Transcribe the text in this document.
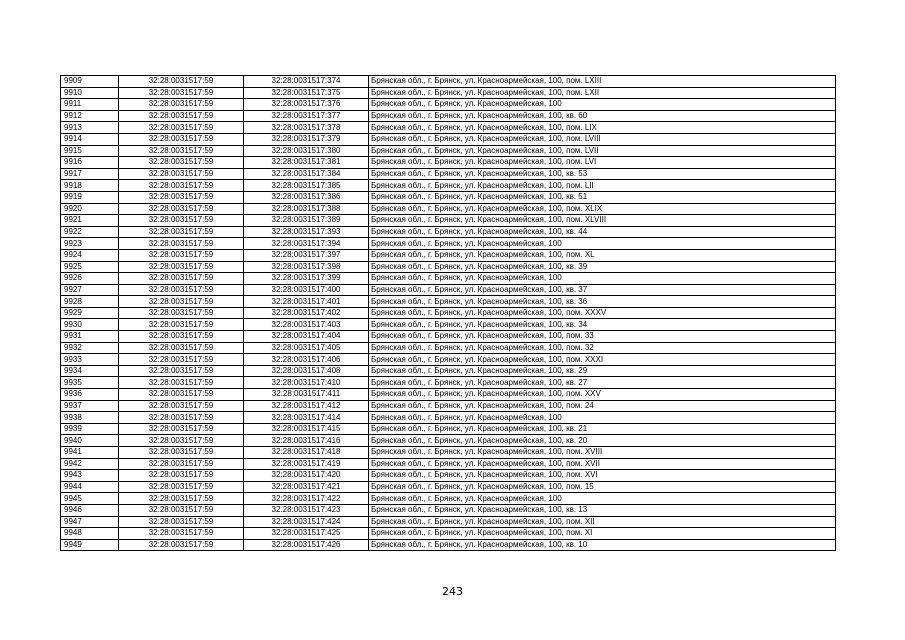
9909	32:28:0031517:59	32:28:0031517:374	Брянская обл., г. Брянск, ул. Красноармейская, 100, пом. LXIII
9910	32:28:0031517:59	32:28:0031517:375	Брянская обл., г. Брянск, ул. Красноармейская, 100, пом. LXII
9911	32:28:0031517:59	32:28:0031517:376	Брянская обл., г. Брянск, ул. Красноармейская, 100
9912	32:28:0031517:59	32:28:0031517:377	Брянская обл., г. Брянск, ул. Красноармейская, 100, кв. 60
9913	32:28:0031517:59	32:28:0031517:378	Брянская обл., г. Брянск, ул. Красноармейская, 100, пом. LIX
9914	32:28:0031517:59	32:28:0031517:379	Брянская обл., г. Брянск, ул. Красноармейская, 100, пом. LVIII
9915	32:28:0031517:59	32:28:0031517:380	Брянская обл., г. Брянск, ул. Красноармейская, 100, пом. LVII
9916	32:28:0031517:59	32:28:0031517:381	Брянская обл., г. Брянск, ул. Красноармейская, 100, пом. LVI
9917	32:28:0031517:59	32:28:0031517:384	Брянская обл., г. Брянск, ул. Красноармейская, 100, кв. 53
9918	32:28:0031517:59	32:28:0031517:385	Брянская обл., г. Брянск, ул. Красноармейская, 100, пом. LII
9919	32:28:0031517:59	32:28:0031517:386	Брянская обл., г. Брянск, ул. Красноармейская, 100, кв. 51
9920	32:28:0031517:59	32:28:0031517:388	Брянская обл., г. Брянск, ул. Красноармейская, 100, пом. XLIX
9921	32:28:0031517:59	32:28:0031517:389	Брянская обл., г. Брянск, ул. Красноармейская, 100, пом. XLVIII
9922	32:28:0031517:59	32:28:0031517:393	Брянская обл., г. Брянск, ул. Красноармейская, 100, кв. 44
9923	32:28:0031517:59	32:28:0031517:394	Брянская обл., г. Брянск, ул. Красноармейская, 100
9924	32:28:0031517:59	32:28:0031517:397	Брянская обл., г. Брянск, ул. Красноармейская, 100, пом. XL
9925	32:28:0031517:59	32:28:0031517:398	Брянская обл., г. Брянск, ул. Красноармейская, 100, кв. 39
9926	32:28:0031517:59	32:28:0031517:399	Брянская обл., г. Брянск, ул. Красноармейская, 100
9927	32:28:0031517:59	32:28:0031517:400	Брянская обл., г. Брянск, ул. Красноармейская, 100, кв. 37
9928	32:28:0031517:59	32:28:0031517:401	Брянская обл., г. Брянск, ул. Красноармейская, 100, кв. 36
9929	32:28:0031517:59	32:28:0031517:402	Брянская обл., г. Брянск, ул. Красноармейская, 100, пом. XXXV
9930	32:28:0031517:59	32:28:0031517:403	Брянская обл., г. Брянск, ул. Красноармейская, 100, кв. 34
9931	32:28:0031517:59	32:28:0031517:404	Брянская обл., г. Брянск, ул. Красноармейская, 100, пом. 33
9932	32:28:0031517:59	32:28:0031517:405	Брянская обл., г. Брянск, ул. Красноармейская, 100, пом. 32
9933	32:28:0031517:59	32:28:0031517:406	Брянская обл., г. Брянск, ул. Красноармейская, 100, пом. XXXI
9934	32:28:0031517:59	32:28:0031517:408	Брянская обл., г. Брянск, ул. Красноармейская, 100, кв. 29
9935	32:28:0031517:59	32:28:0031517:410	Брянская обл., г. Брянск, ул. Красноармейская, 100, кв. 27
9936	32:28:0031517:59	32:28:0031517:411	Брянская обл., г. Брянск, ул. Красноармейская, 100, пом. XXV
9937	32:28:0031517:59	32:28:0031517:412	Брянская обл., г. Брянск, ул. Красноармейская, 100, пом. 24
9938	32:28:0031517:59	32:28:0031517:414	Брянская обл., г. Брянск, ул. Красноармейская, 100
9939	32:28:0031517:59	32:28:0031517:415	Брянская обл., г. Брянск, ул. Красноармейская, 100, кв. 21
9940	32:28:0031517:59	32:28:0031517:416	Брянская обл., г. Брянск, ул. Красноармейская, 100, кв. 20
9941	32:28:0031517:59	32:28:0031517:418	Брянская обл., г. Брянск, ул. Красноармейская, 100, пом. XVIII
9942	32:28:0031517:59	32:28:0031517:419	Брянская обл., г. Брянск, ул. Красноармейская, 100, пом. XVII
9943	32:28:0031517:59	32:28:0031517:420	Брянская обл., г. Брянск, ул. Красноармейская, 100, пом. XVI
9944	32:28:0031517:59	32:28:0031517:421	Брянская обл., г. Брянск, ул. Красноармейская, 100, пом. 15
9945	32:28:0031517:59	32:28:0031517:422	Брянская обл., г. Брянск, ул. Красноармейская, 100
9946	32:28:0031517:59	32:28:0031517:423	Брянская обл., г. Брянск, ул. Красноармейская, 100, кв. 13
9947	32:28:0031517:59	32:28:0031517:424	Брянская обл., г. Брянск, ул. Красноармейская, 100, пом. XII
9948	32:28:0031517:59	32:28:0031517:425	Брянская обл., г. Брянск, ул. Красноармейская, 100, пом. XI
9949	32:28:0031517:59	32:28:0031517:426	Брянская обл., г. Брянск, ул. Красноармейская, 100, кв. 10
243
